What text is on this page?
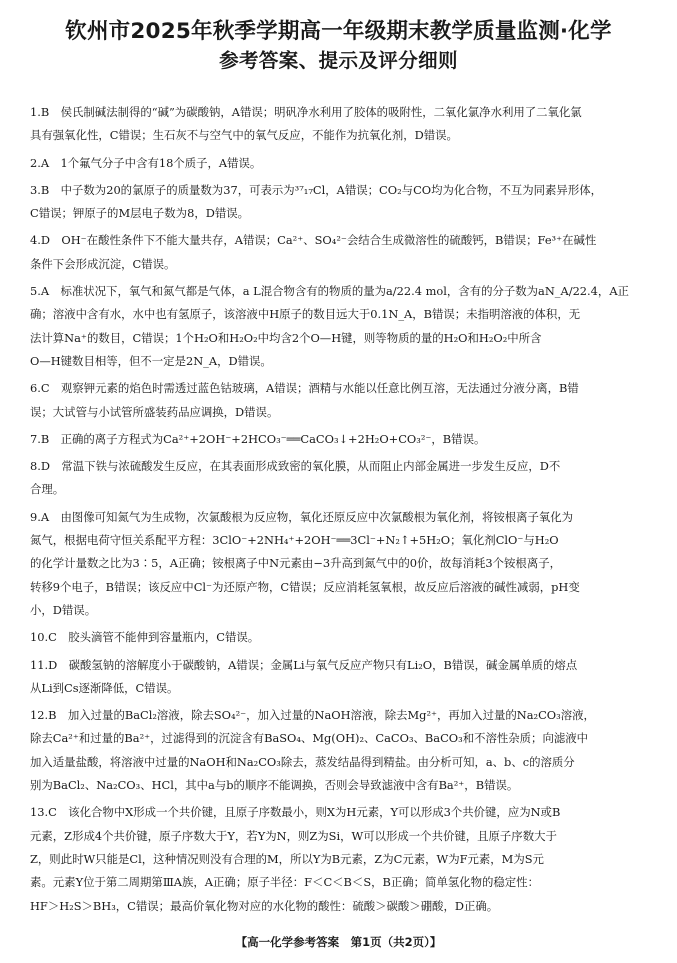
钦州市2025年秋季学期高一年级期末教学质量监测·化学
参考答案、提示及评分细则
1.B　侯氏制碱法制得的“碱”为碳酸钠，A错误；明矾净水利用了胶体的吸附性，二氧化氯净水利用了二氧化氯
具有强氧化性，C错误；生石灰不与空气中的氧气反应，不能作为抗氧化剂，D错误。
2.A　1个氟气分子中含有18个质子，A错误。
3.B　中子数为20的氯原子的质量数为37，可表示为³⁷₁₇Cl，A错误；CO₂与CO均为化合物，不互为同素异形体，
C错误；钾原子的M层电子数为8，D错误。
4.D　OH⁻在酸性条件下不能大量共存，A错误；Ca²⁺、SO₄²⁻会结合生成微溶性的硫酸钙，B错误；Fe³⁺在碱性
条件下会形成沉淀，C错误。
5.A　标准状况下，氧气和氮气都是气体，a L混合物含有的物质的量为a/22.4 mol，含有的分子数为aN_A/22.4，A正
确；溶液中含有水，水中也有氢原子，该溶液中H原子的数目远大于0.1N_A，B错误；未指明溶液的体积，无
法计算Na⁺的数目，C错误；1个H₂O和H₂O₂中均含2个O—H键，则等物质的量的H₂O和H₂O₂中所含
O—H键数目相等，但不一定是2N_A，D错误。
6.C　观察钾元素的焰色时需透过蓝色钴玻璃，A错误；酒精与水能以任意比例互溶，无法通过分液分离，B错
误；大试管与小试管所盛装药品应调换，D错误。
7.B　正确的离子方程式为Ca²⁺+2OH⁻+2HCO₃⁻══CaCO₃↓+2H₂O+CO₃²⁻，B错误。
8.D　常温下铁与浓硫酸发生反应，在其表面形成致密的氧化膜，从而阻止内部金属进一步发生反应，D不
合理。
9.A　由图像可知氮气为生成物，次氯酸根为反应物，氧化还原反应中次氯酸根为氧化剂，将铵根离子氧化为
氮气，根据电荷守恒关系配平方程：3ClO⁻+2NH₄⁺+2OH⁻══3Cl⁻+N₂↑+5H₂O；氧化剂ClO⁻与H₂O
的化学计量数之比为3∶5，A正确；铵根离子中N元素由−3升高到氮气中的0价，故每消耗3个铵根离子，
转移9个电子，B错误；该反应中Cl⁻为还原产物，C错误；反应消耗氢氧根，故反应后溶液的碱性减弱，pH变
小，D错误。
10.C　胶头滴管不能伸到容量瓶内，C错误。
11.D　碳酸氢钠的溶解度小于碳酸钠，A错误；金属Li与氧气反应产物只有Li₂O，B错误，碱金属单质的熔点
从Li到Cs逐渐降低，C错误。
12.B　加入过量的BaCl₂溶液，除去SO₄²⁻，加入过量的NaOH溶液，除去Mg²⁺，再加入过量的Na₂CO₃溶液，
除去Ca²⁺和过量的Ba²⁺，过滤得到的沉淀含有BaSO₄、Mg(OH)₂、CaCO₃、BaCO₃和不溶性杂质；向滤液中
加入适量盐酸，将溶液中过量的NaOH和Na₂CO₃除去，蒸发结晶得到精盐。由分析可知，a、b、c的溶质分
别为BaCl₂、Na₂CO₃、HCl，其中a与b的顺序不能调换，否则会导致滤液中含有Ba²⁺，B错误。
13.C　该化合物中X形成一个共价键，且原子序数最小，则X为H元素，Y可以形成3个共价键，应为N或B
元素，Z形成4个共价键，原子序数大于Y，若Y为N，则Z为Si，W可以形成一个共价键，且原子序数大于
Z，则此时W只能是Cl，这种情况则没有合理的M，所以Y为B元素，Z为C元素，W为F元素，M为S元
素。元素Y位于第二周期第ⅢA族，A正确；原子半径：F＜C＜B＜S，B正确；简单氢化物的稳定性：
HF＞H₂S＞BH₃，C错误；最高价氧化物对应的水化物的酸性：硫酸＞碳酸＞硼酸，D正确。
【高一化学参考答案　第1页（共2页）】
